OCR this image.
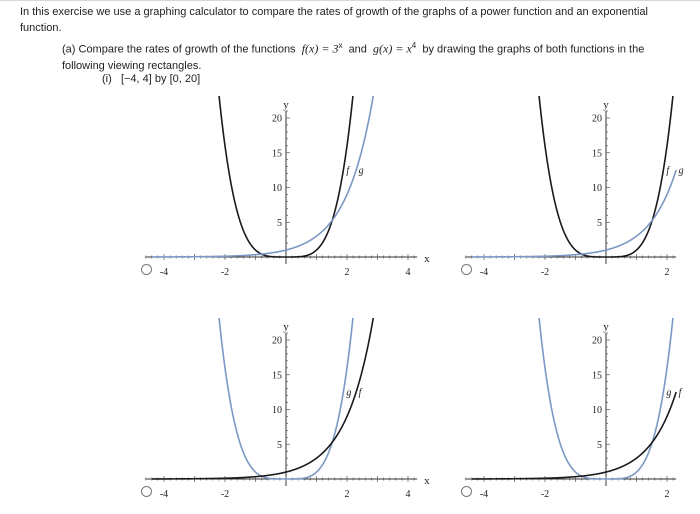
In this exercise we use a graphing calculator to compare the rates of growth of the graphs of a power function and an exponential function.
(a) Compare the rates of growth of the functions $f(x) = 3^x$ and $g(x) = x^4$ by drawing the graphs of both functions in the following viewing rectangles.
(i) [−4, 4] by [0, 20]
-4	-2	2	4
5
10
15
20
y
x
f g
-4	-2	2
5
10
15
20
y
f g
-4	-2	2	4
5
10
15
20
y
x
g f
-4	-2	2
5
10
15
20
y
g f
